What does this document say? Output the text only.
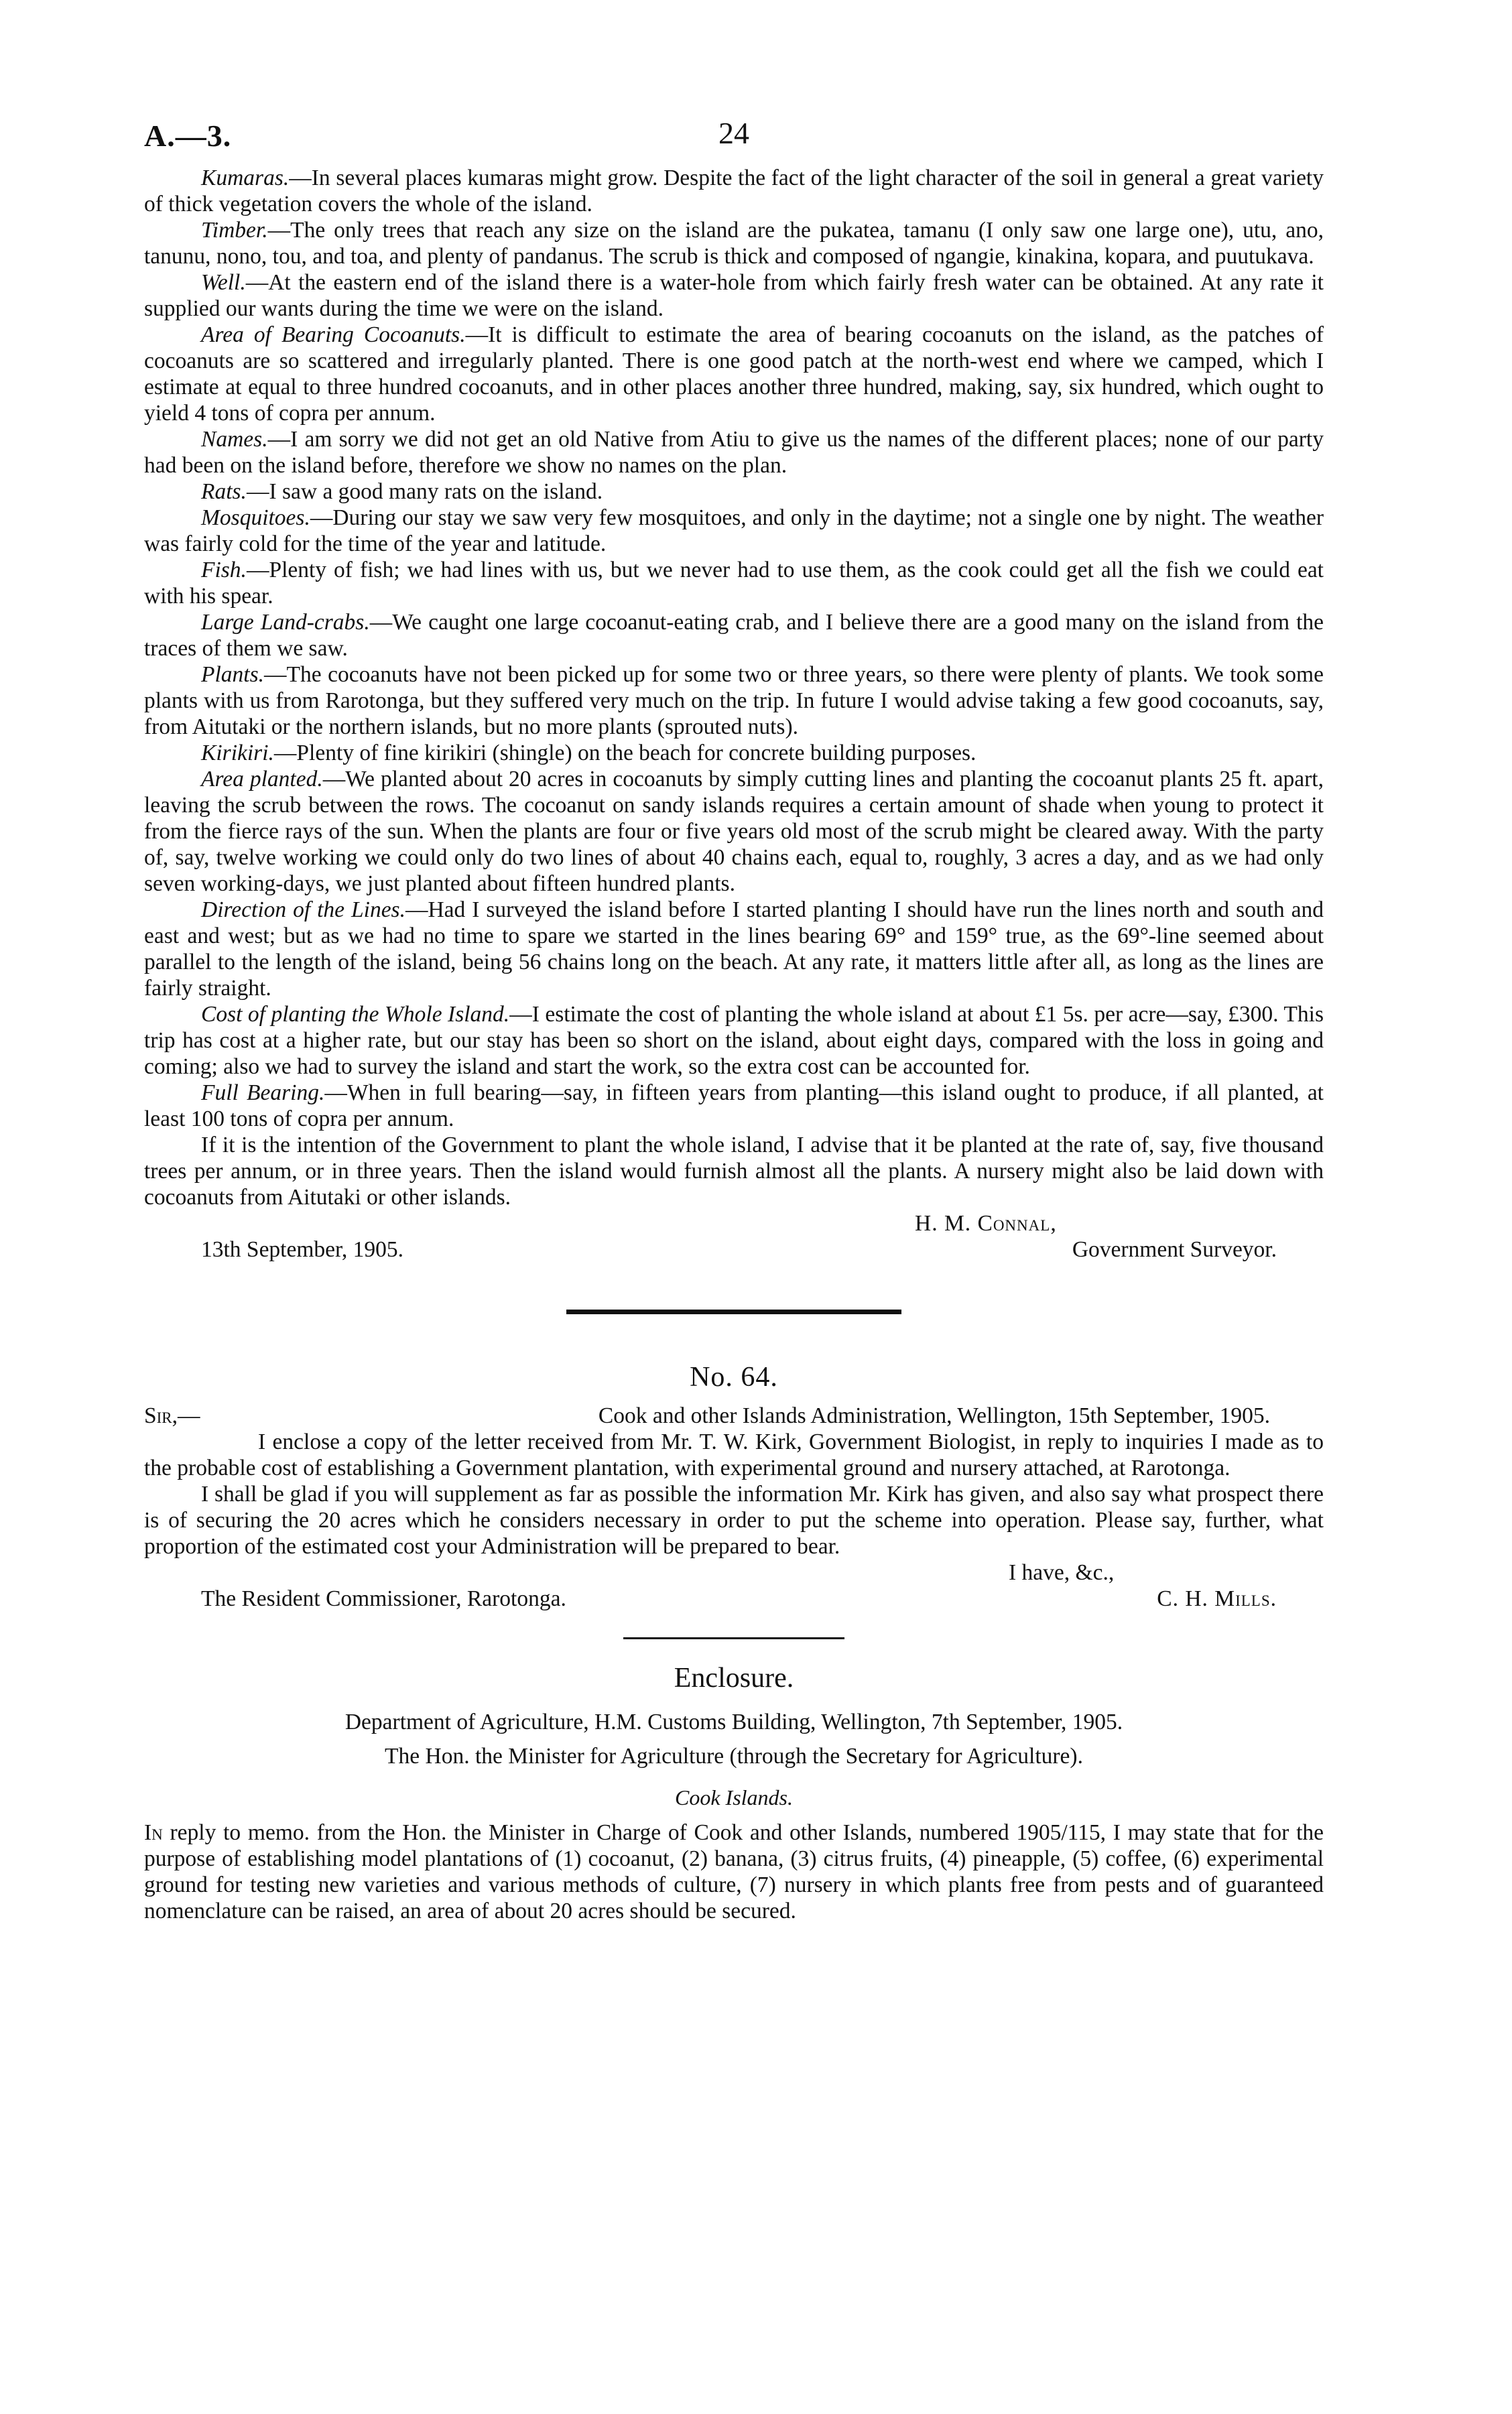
A.—3.	24

Kumaras.—In several places kumaras might grow. Despite the fact of the light character of the soil in general a great variety of thick vegetation covers the whole of the island.

Timber.—The only trees that reach any size on the island are the pukatea, tamanu (I only saw one large one), utu, ano, tanunu, nono, tou, and toa, and plenty of pandanus. The scrub is thick and composed of ngangie, kinakina, kopara, and puutukava.

Well.—At the eastern end of the island there is a water-hole from which fairly fresh water can be obtained. At any rate it supplied our wants during the time we were on the island.

Area of Bearing Cocoanuts.—It is difficult to estimate the area of bearing cocoanuts on the island, as the patches of cocoanuts are so scattered and irregularly planted. There is one good patch at the north-west end where we camped, which I estimate at equal to three hundred cocoanuts, and in other places another three hundred, making, say, six hundred, which ought to yield 4 tons of copra per annum.

Names.—I am sorry we did not get an old Native from Atiu to give us the names of the different places; none of our party had been on the island before, therefore we show no names on the plan.

Rats.—I saw a good many rats on the island.

Mosquitoes.—During our stay we saw very few mosquitoes, and only in the daytime; not a single one by night. The weather was fairly cold for the time of the year and latitude.

Fish.—Plenty of fish; we had lines with us, but we never had to use them, as the cook could get all the fish we could eat with his spear.

Large Land-crabs.—We caught one large cocoanut-eating crab, and I believe there are a good many on the island from the traces of them we saw.

Plants.—The cocoanuts have not been picked up for some two or three years, so there were plenty of plants. We took some plants with us from Rarotonga, but they suffered very much on the trip. In future I would advise taking a few good cocoanuts, say, from Aitutaki or the northern islands, but no more plants (sprouted nuts).

Kirikiri.—Plenty of fine kirikiri (shingle) on the beach for concrete building purposes.

Area planted.—We planted about 20 acres in cocoanuts by simply cutting lines and planting the cocoanut plants 25 ft. apart, leaving the scrub between the rows. The cocoanut on sandy islands requires a certain amount of shade when young to protect it from the fierce rays of the sun. When the plants are four or five years old most of the scrub might be cleared away. With the party of, say, twelve working we could only do two lines of about 40 chains each, equal to, roughly, 3 acres a day, and as we had only seven working-days, we just planted about fifteen hundred plants.

Direction of the Lines.—Had I surveyed the island before I started planting I should have run the lines north and south and east and west; but as we had no time to spare we started in the lines bearing 69° and 159° true, as the 69°-line seemed about parallel to the length of the island, being 56 chains long on the beach. At any rate, it matters little after all, as long as the lines are fairly straight.

Cost of planting the Whole Island.—I estimate the cost of planting the whole island at about £1 5s. per acre—say, £300. This trip has cost at a higher rate, but our stay has been so short on the island, about eight days, compared with the loss in going and coming; also we had to survey the island and start the work, so the extra cost can be accounted for.

Full Bearing.—When in full bearing—say, in fifteen years from planting—this island ought to produce, if all planted, at least 100 tons of copra per annum.

If it is the intention of the Government to plant the whole island, I advise that it be planted at the rate of, say, five thousand trees per annum, or in three years. Then the island would furnish almost all the plants. A nursery might also be laid down with cocoanuts from Aitutaki or other islands.

H. M. Connal,
13th September, 1905.	Government Surveyor.
No. 64.
Sir,—	Cook and other Islands Administration, Wellington, 15th September, 1905.

I enclose a copy of the letter received from Mr. T. W. Kirk, Government Biologist, in reply to inquiries I made as to the probable cost of establishing a Government plantation, with experimental ground and nursery attached, at Rarotonga.

I shall be glad if you will supplement as far as possible the information Mr. Kirk has given, and also say what prospect there is of securing the 20 acres which he considers necessary in order to put the scheme into operation. Please say, further, what proportion of the estimated cost your Administration will be prepared to bear.

I have, &c.,
The Resident Commissioner, Rarotonga.	C. H. Mills.
Enclosure.
Department of Agriculture, H.M. Customs Building, Wellington, 7th September, 1905.
The Hon. the Minister for Agriculture (through the Secretary for Agriculture).
Cook Islands.

In reply to memo. from the Hon. the Minister in Charge of Cook and other Islands, numbered 1905/115, I may state that for the purpose of establishing model plantations of (1) cocoanut, (2) banana, (3) citrus fruits, (4) pineapple, (5) coffee, (6) experimental ground for testing new varieties and various methods of culture, (7) nursery in which plants free from pests and of guaranteed nomenclature can be raised, an area of about 20 acres should be secured.
